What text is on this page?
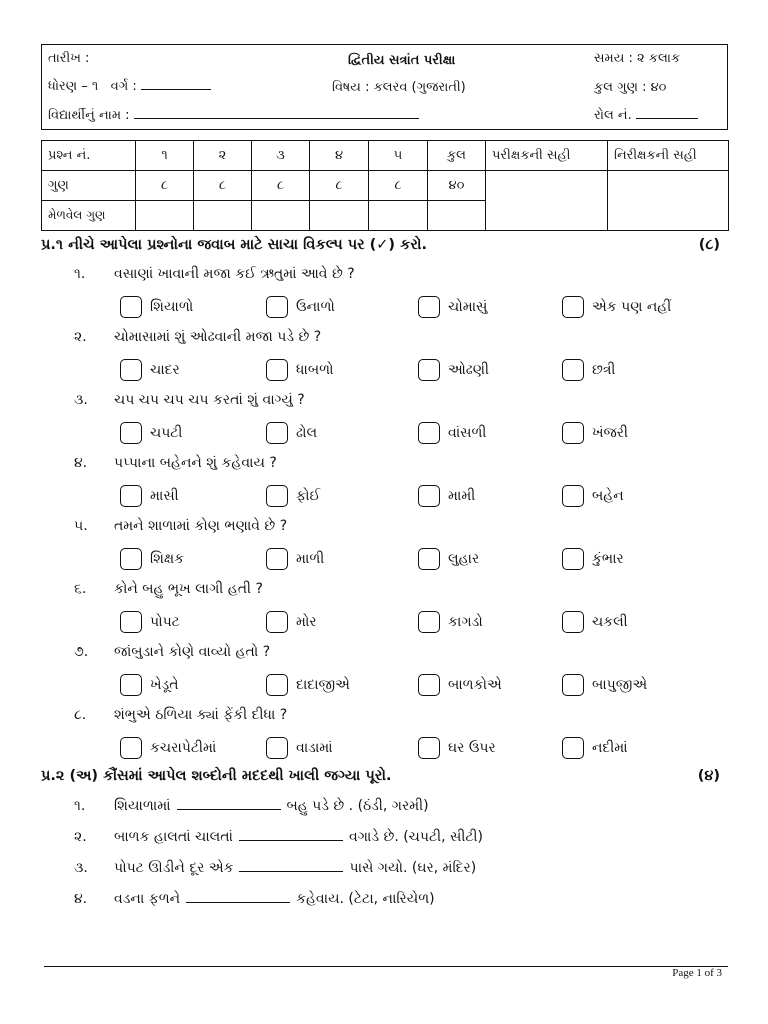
તારીખ :
ધોરણ – ૧ વર્ગ :
વિદ્યાર્થીનું નામ :
દ્વિતીય સત્રાંત પરીક્ષા
વિષય : કલરવ (ગુજરાતી)
સમય : ૨ કલાક
કુલ ગુણ : ૪૦
રોલ નં.
પ્રશ્ન નં.	૧	૨	૩	૪	૫	કુલ	પરીક્ષકની સહી	નિરીક્ષકની સહી
ગુણ	૮	૮	૮	૮	૮	૪૦		
મેળવેલ ગુણ								
પ્ર.૧ નીચે આપેલા પ્રશ્નોના જવાબ માટે સાચા વિકલ્પ પર (✓) કરો.	(૮)
૧. વસાણાં ખાવાની મજા કઈ ઋતુમાં આવે છે ?
શિયાળો	ઉનાળો	ચોમાસું	એક પણ નહીં
૨. ચોમાસામાં શું ઓઢવાની મજા પડે છે ?
ચાદર	ધાબળો	ઓઢણી	છત્રી
૩. ચપ ચપ ચપ ચપ કરતાં શું વાગ્યું ?
ચપટી	ઢોલ	વાંસળી	ખંજરી
૪. પપ્પાના બહેનને શું કહેવાય ?
માસી	ફોઈ	મામી	બહેન
૫. તમને શાળામાં કોણ ભણાવે છે ?
શિક્ષક	માળી	લુહાર	કુંભાર
૬. કોને બહુ ભૂખ લાગી હતી ?
પોપટ	મોર	કાગડો	ચકલી
૭. જાંબુડાને કોણે વાવ્યો હતો ?
ખેડૂતે	દાદાજીએ	બાળકોએ	બાપુજીએ
૮. શંભુએ ઠળિયા ક્યાં ફેંકી દીધા ?
કચરાપેટીમાં	વાડામાં	ઘર ઉપર	નદીમાં
પ્ર.૨ (અ) કૌંસમાં આપેલ શબ્દોની મદદથી ખાલી જગ્યા પૂરો.	(૪)
૧. શિયાળામાં	બહુ પડે છે . (ઠંડી, ગરમી)
૨. બાળક હાલતાં ચાલતાં	વગાડે છે. (ચપટી, સીટી)
૩. પોપટ ઊડીને દૂર એક	પાસે ગયો. (ઘર, મંદિર)
૪. વડના ફળને	કહેવાય. (ટેટા, નારિયેળ)
Page 1 of 3
